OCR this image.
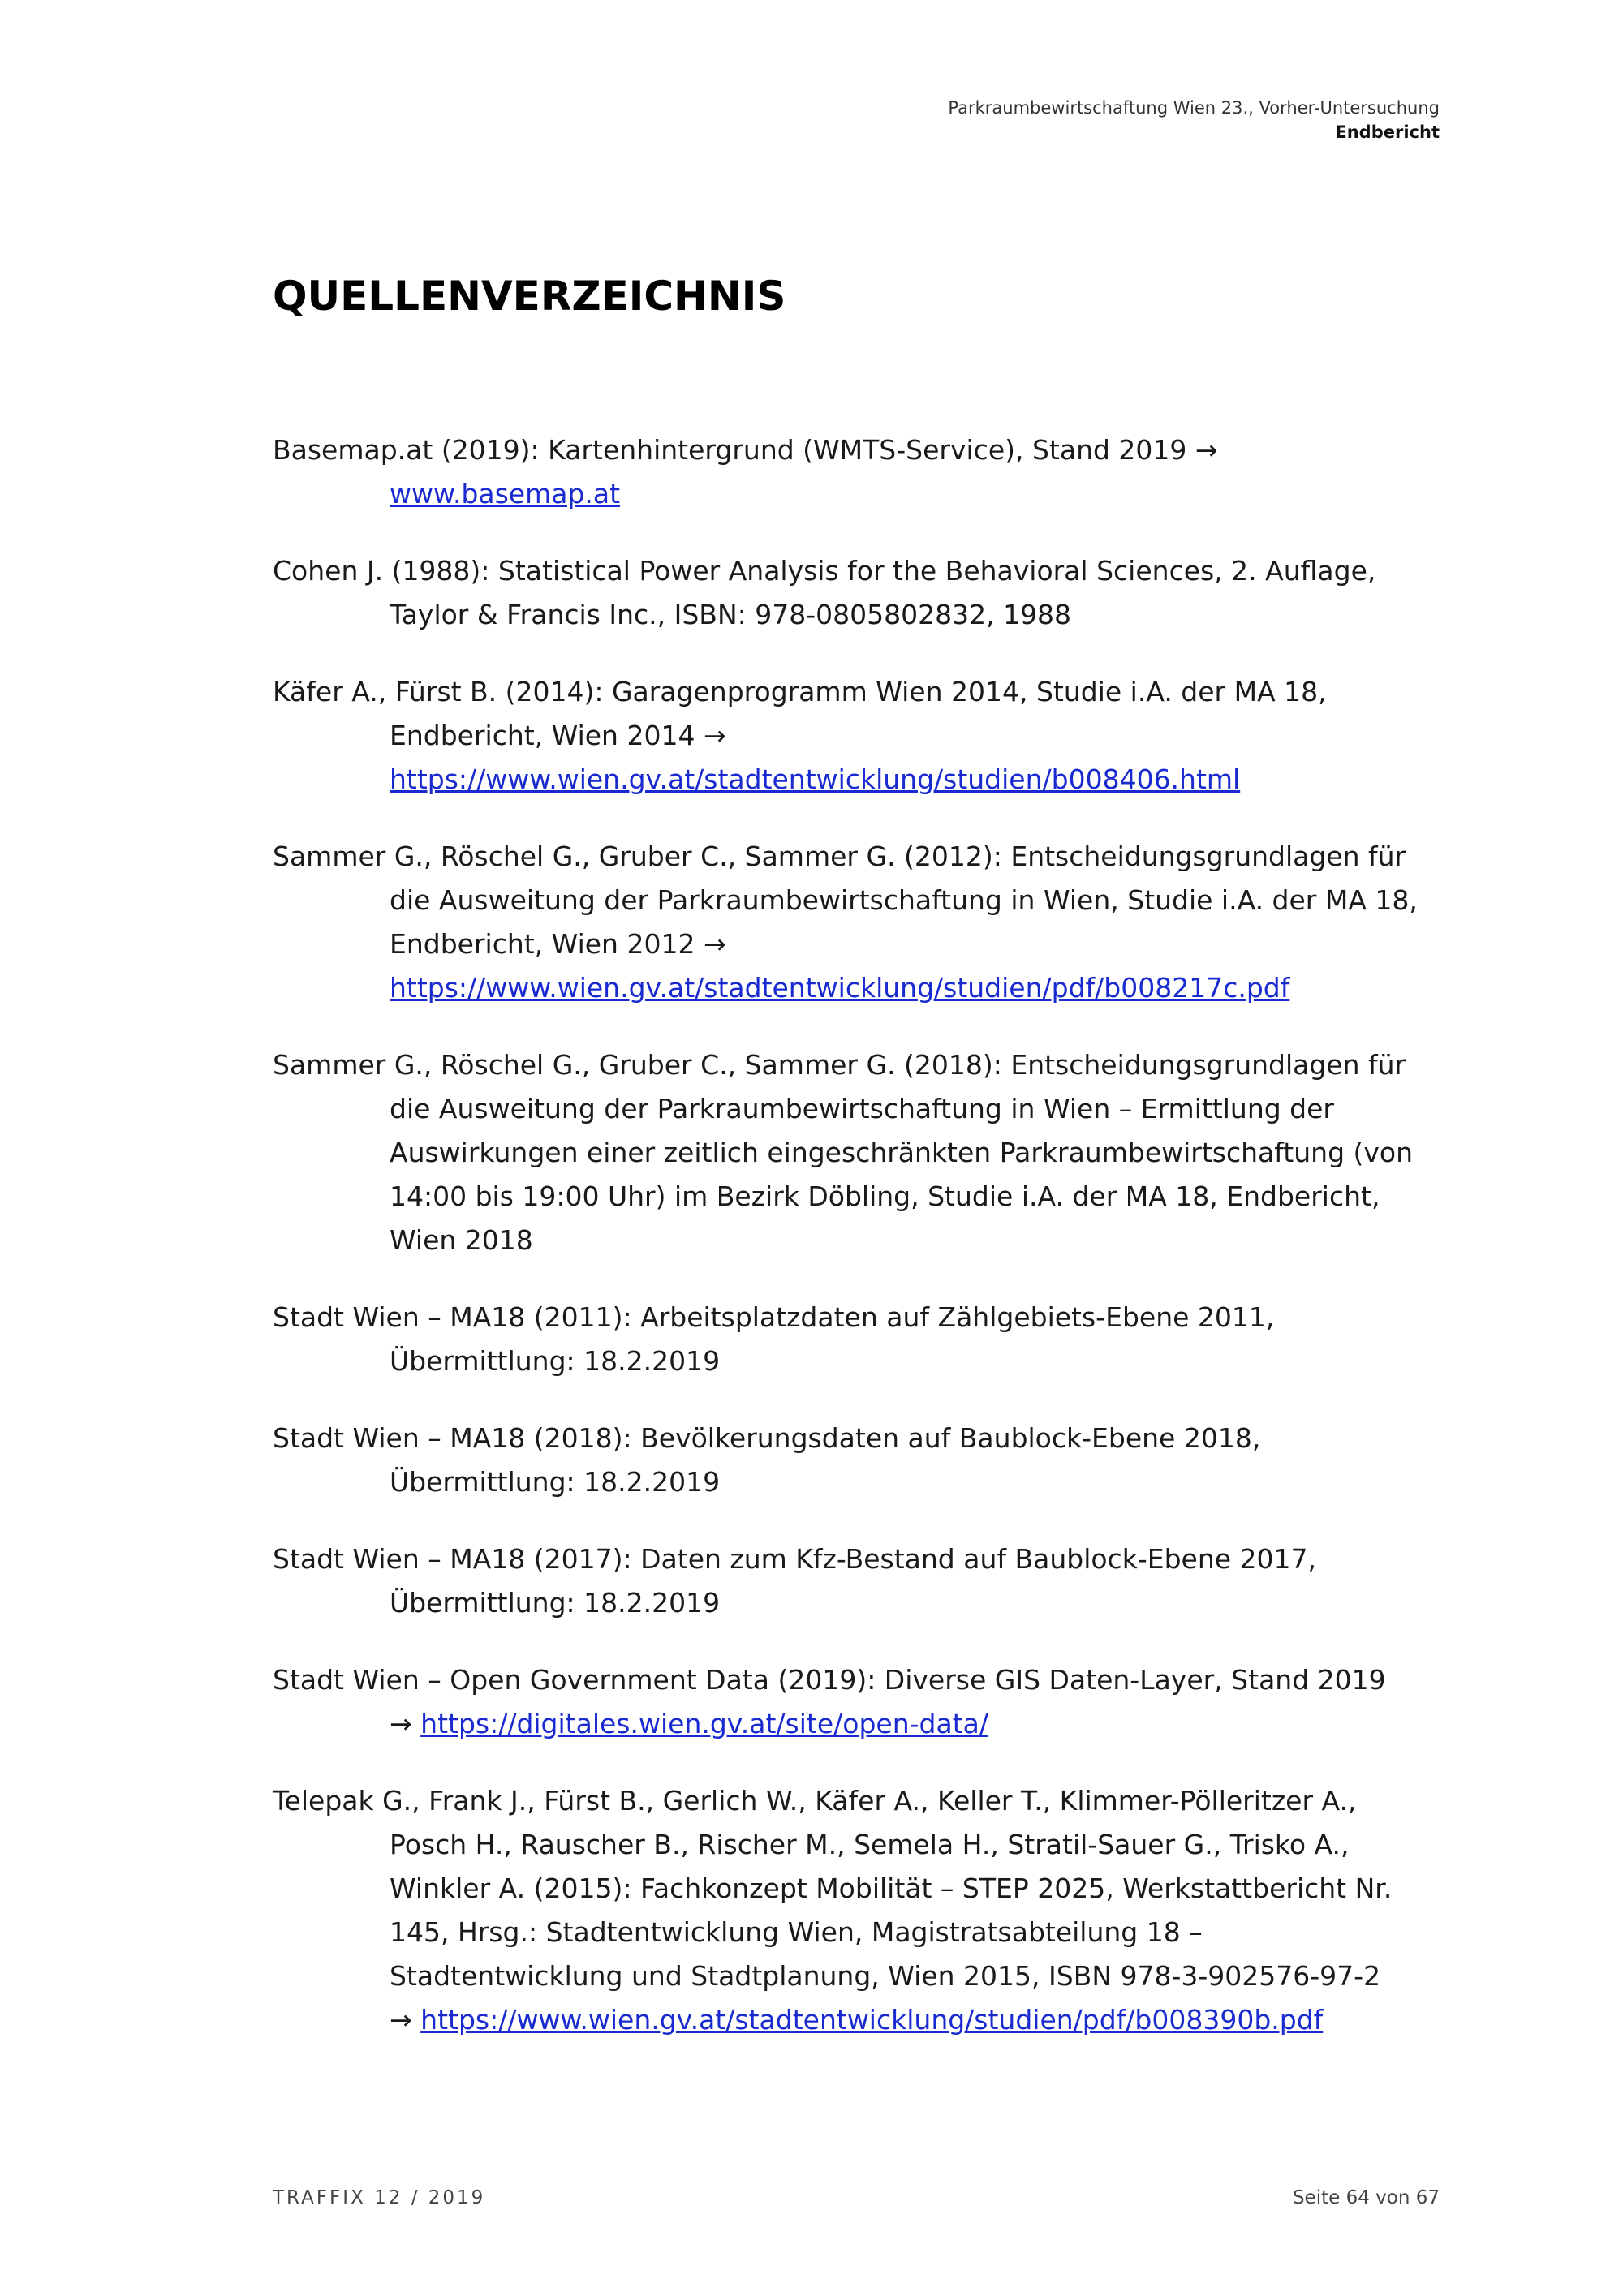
Parkraumbewirtschaftung Wien 23., Vorher-Untersuchung
Endbericht
QUELLENVERZEICHNIS

Basemap.at (2019): Kartenhintergrund (WMTS-Service), Stand 2019 → www.basemap.at

Cohen J. (1988): Statistical Power Analysis for the Behavioral Sciences, 2. Auflage, Taylor & Francis Inc., ISBN: 978-0805802832, 1988

Käfer A., Fürst B. (2014): Garagenprogramm Wien 2014, Studie i.A. der MA 18, Endbericht, Wien 2014 → https://www.wien.gv.at/stadtentwicklung/studien/b008406.html

Sammer G., Röschel G., Gruber C., Sammer G. (2012): Entscheidungsgrundlagen für die Ausweitung der Parkraumbewirtschaftung in Wien, Studie i.A. der MA 18, Endbericht, Wien 2012 → https://www.wien.gv.at/stadtentwicklung/studien/pdf/b008217c.pdf

Sammer G., Röschel G., Gruber C., Sammer G. (2018): Entscheidungsgrundlagen für die Ausweitung der Parkraumbewirtschaftung in Wien – Ermittlung der Auswirkungen einer zeitlich eingeschränkten Parkraumbewirtschaftung (von 14:00 bis 19:00 Uhr) im Bezirk Döbling, Studie i.A. der MA 18, Endbericht, Wien 2018

Stadt Wien – MA18 (2011): Arbeitsplatzdaten auf Zählgebiets-Ebene 2011, Übermittlung: 18.2.2019

Stadt Wien – MA18 (2018): Bevölkerungsdaten auf Baublock-Ebene 2018, Übermittlung: 18.2.2019

Stadt Wien – MA18 (2017): Daten zum Kfz-Bestand auf Baublock-Ebene 2017, Übermittlung: 18.2.2019

Stadt Wien – Open Government Data (2019): Diverse GIS Daten-Layer, Stand 2019
→ https://digitales.wien.gv.at/site/open-data/

Telepak G., Frank J., Fürst B., Gerlich W., Käfer A., Keller T., Klimmer-Pölleritzer A., Posch H., Rauscher B., Rischer M., Semela H., Stratil-Sauer G., Trisko A., Winkler A. (2015): Fachkonzept Mobilität – STEP 2025, Werkstattbericht Nr. 145, Hrsg.: Stadtentwicklung Wien, Magistratsabteilung 18 – Stadtentwicklung und Stadtplanung, Wien 2015, ISBN 978-3-902576-97-2
→ https://www.wien.gv.at/stadtentwicklung/studien/pdf/b008390b.pdf

TRAFFIX 12 / 2019	Seite 64 von 67
